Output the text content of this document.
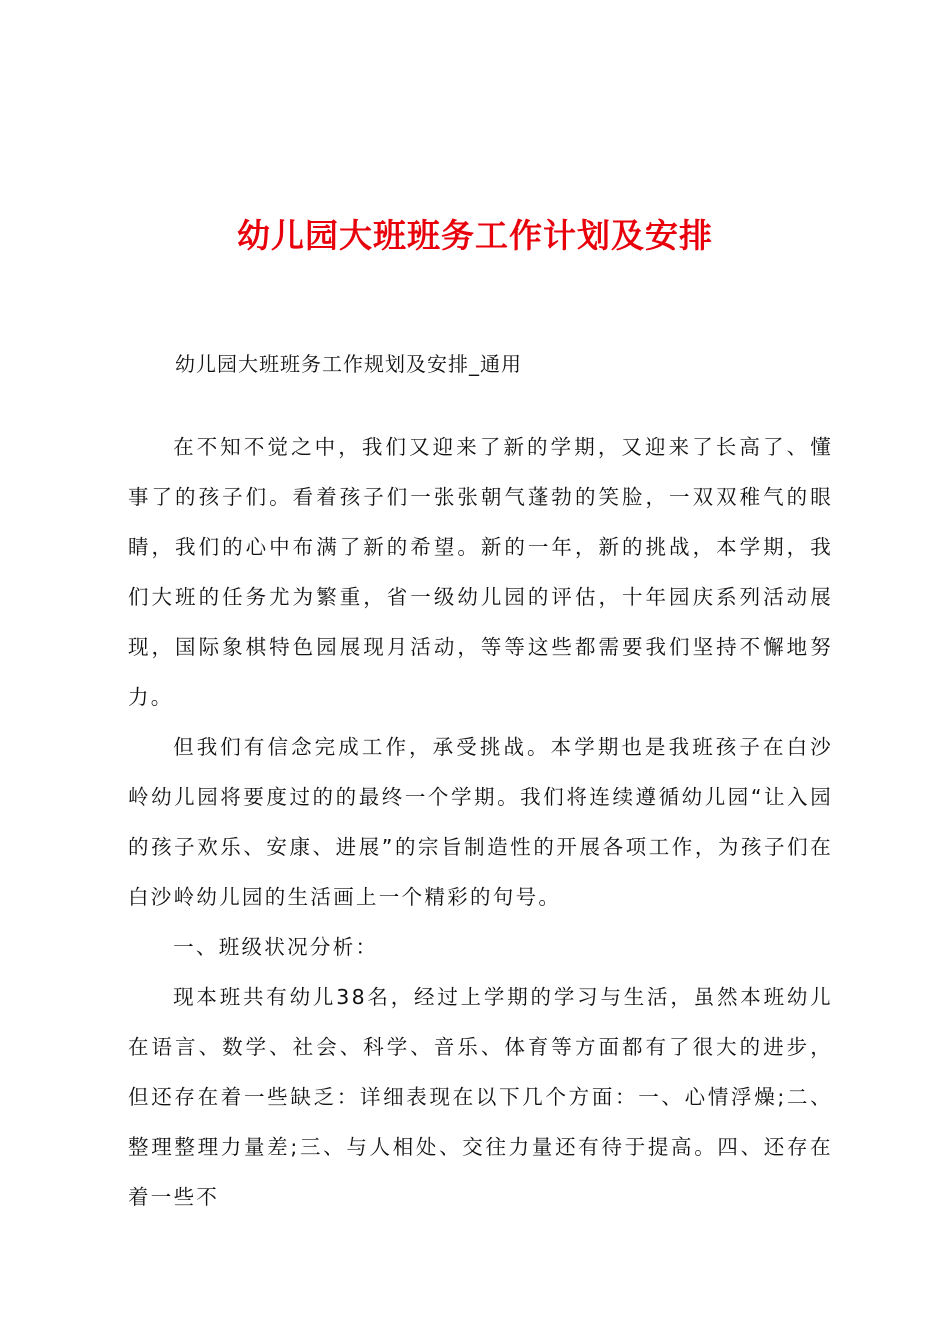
幼儿园大班班务工作计划及安排
幼儿园大班班务工作规划及安排_通用

在不知不觉之中，我们又迎来了新的学期，又迎来了长高了、懂事了的孩子们。看着孩子们一张张朝气蓬勃的笑脸，一双双稚气的眼睛，我们的心中布满了新的希望。新的一年，新的挑战，本学期，我们大班的任务尤为繁重，省一级幼儿园的评估，十年园庆系列活动展现，国际象棋特色园展现月活动，等等这些都需要我们坚持不懈地努力。

但我们有信念完成工作，承受挑战。本学期也是我班孩子在白沙岭幼儿园将要度过的的最终一个学期。我们将连续遵循幼儿园“让入园的孩子欢乐、安康、进展”的宗旨制造性的开展各项工作，为孩子们在白沙岭幼儿园的生活画上一个精彩的句号。

一、班级状况分析：

现本班共有幼儿38名，经过上学期的学习与生活，虽然本班幼儿在语言、数学、社会、科学、音乐、体育等方面都有了很大的进步，但还存在着一些缺乏：详细表现在以下几个方面：一、心情浮燥;二、整理整理力量差;三、与人相处、交往力量还有待于提高。四、还存在着一些不
